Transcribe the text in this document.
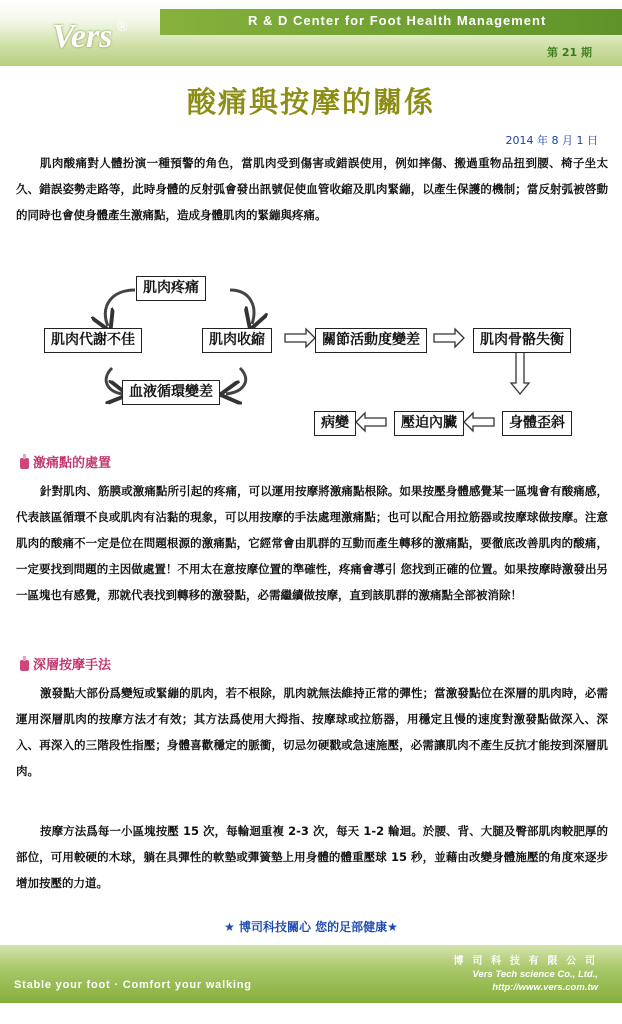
R & D Center for Foot Health Management
Vers ®
第 21 期
酸痛與按摩的關係
2014 年 8 月 1 日

肌肉酸痛對人體扮演一種預警的角色，當肌肉受到傷害或錯誤使用，例如摔傷、搬過重物品扭到腰、椅子坐太久、錯誤姿勢走路等，此時身體的反射弧會發出訊號促使血管收縮及肌肉緊繃，以產生保護的機制；當反射弧被啓動的同時也會使身體產生激痛點，造成身體肌肉的緊繃與疼痛。

肌肉疼痛
肌肉代謝不佳	肌肉收縮
血液循環變差
關節活動度變差	肌肉骨骼失衡
病變	壓迫內臟	身體歪斜
激痛點的處置

針對肌肉、筋膜或激痛點所引起的疼痛，可以運用按摩將激痛點根除。如果按壓身體感覺某一區塊會有酸痛感，代表該區循環不良或肌肉有沾黏的現象，可以用按摩的手法處理激痛點；也可以配合用拉筋器或按摩球做按摩。注意肌肉的酸痛不一定是位在問題根源的激痛點，它經常會由肌群的互動而產生轉移的激痛點，要徹底改善肌肉的酸痛，一定要找到問題的主因做處置！不用太在意按摩位置的準確性，疼痛會導引 您找到正確的位置。如果按摩時激發出另一區塊也有感覺，那就代表找到轉移的激發點，必需繼續做按摩，直到該肌群的激痛點全部被消除！

深層按摩手法

激發點大部份爲變短或緊繃的肌肉，若不根除，肌肉就無法維持正常的彈性；當激發點位在深層的肌肉時，必需運用深層肌肉的按摩方法才有效；其方法爲使用大拇指、按摩球或拉筋器，用穩定且慢的速度對激發點做深入、深入、再深入的三階段性指壓；身體喜歡穩定的脈衝，切忌勿硬戳或急速施壓，必需讓肌肉不產生反抗才能按到深層肌肉。

按摩方法爲每一小區塊按壓 15 次，每輪迴重複 2-3 次，每天 1-2 輪迴。於腰、背、大腿及臀部肌肉較肥厚的部位，可用較硬的木球，躺在具彈性的軟墊或彈簧墊上用身體的體重壓球 15 秒，並藉由改變身體施壓的角度來逐步增加按壓的力道。

★ 博司科技關心 您的足部健康★
Stable your foot · Comfort your walking
博 司 科 技 有 限 公 司
Vers Tech science Co., Ltd.,
http://www.vers.com.tw
